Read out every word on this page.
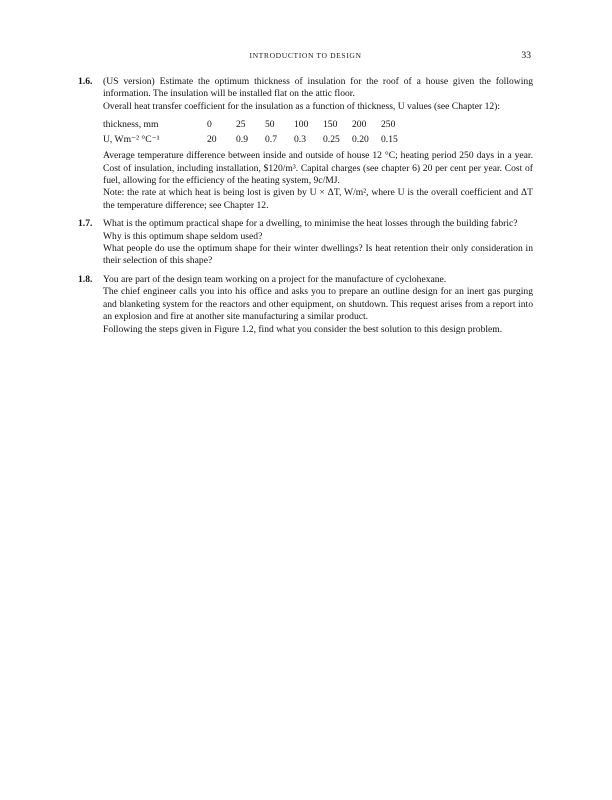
INTRODUCTION TO DESIGN	33
1.6.	(US version) Estimate the optimum thickness of insulation for the roof of a house given the following information. The insulation will be installed flat on the attic floor.

Overall heat transfer coefficient for the insulation as a function of thickness, U values (see Chapter 12):

thickness, mm	0	25	50	100	150	200	250
U, Wm⁻² °C⁻¹	20	0.9	0.7	0.3	0.25	0.20	0.15

Average temperature difference between inside and outside of house 12 °C; heating period 250 days in a year. Cost of insulation, including installation, $120/m³. Capital charges (see chapter 6) 20 per cent per year. Cost of fuel, allowing for the efficiency of the heating system, 9c/MJ.

Note: the rate at which heat is being lost is given by U × ΔT, W/m², where U is the overall coefficient and ΔT the temperature difference; see Chapter 12.

1.7.	What is the optimum practical shape for a dwelling, to minimise the heat losses through the building fabric?

Why is this optimum shape seldom used?

What people do use the optimum shape for their winter dwellings? Is heat retention their only consideration in their selection of this shape?

1.8.	You are part of the design team working on a project for the manufacture of cyclohexane.

The chief engineer calls you into his office and asks you to prepare an outline design for an inert gas purging and blanketing system for the reactors and other equipment, on shutdown. This request arises from a report into an explosion and fire at another site manufacturing a similar product.

Following the steps given in Figure 1.2, find what you consider the best solution to this design problem.
